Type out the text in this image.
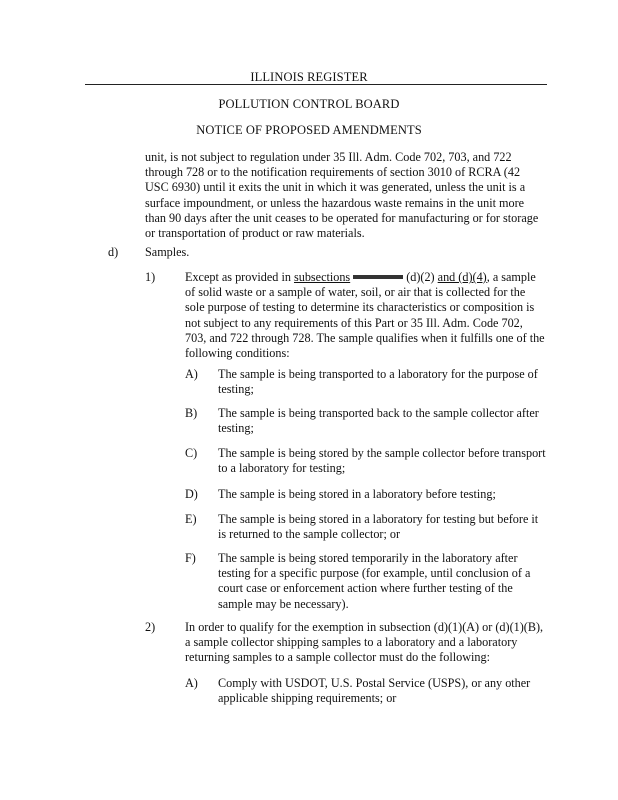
ILLINOIS REGISTER
POLLUTION CONTROL BOARD
NOTICE OF PROPOSED AMENDMENTS

unit, is not subject to regulation under 35 Ill. Adm. Code 702, 703, and 722 through 728 or to the notification requirements of section 3010 of RCRA (42 USC 6930) until it exits the unit in which it was generated, unless the unit is a surface impoundment, or unless the hazardous waste remains in the unit more than 90 days after the unit ceases to be operated for manufacturing or for storage or transportation of product or raw materials.

d) Samples.
1) Except as provided in subsections	(d)(2) and (d)(4), a sample of solid waste or a sample of water, soil, or air that is collected for the sole purpose of testing to determine its characteristics or composition is not subject to any requirements of this Part or 35 Ill. Adm. Code 702, 703, and 722 through 728. The sample qualifies when it fulfills one of the following conditions:

A) The sample is being transported to a laboratory for the purpose of testing;
B) The sample is being transported back to the sample collector after testing;
C) The sample is being stored by the sample collector before transport to a laboratory for testing;
D) The sample is being stored in a laboratory before testing;
E) The sample is being stored in a laboratory for testing but before it is returned to the sample collector; or
F) The sample is being stored temporarily in the laboratory after testing for a specific purpose (for example, until conclusion of a court case or enforcement action where further testing of the sample may be necessary).
2) In order to qualify for the exemption in subsection (d)(1)(A) or (d)(1)(B), a sample collector shipping samples to a laboratory and a laboratory returning samples to a sample collector must do the following:
A) Comply with USDOT, U.S. Postal Service (USPS), or any other applicable shipping requirements; or
